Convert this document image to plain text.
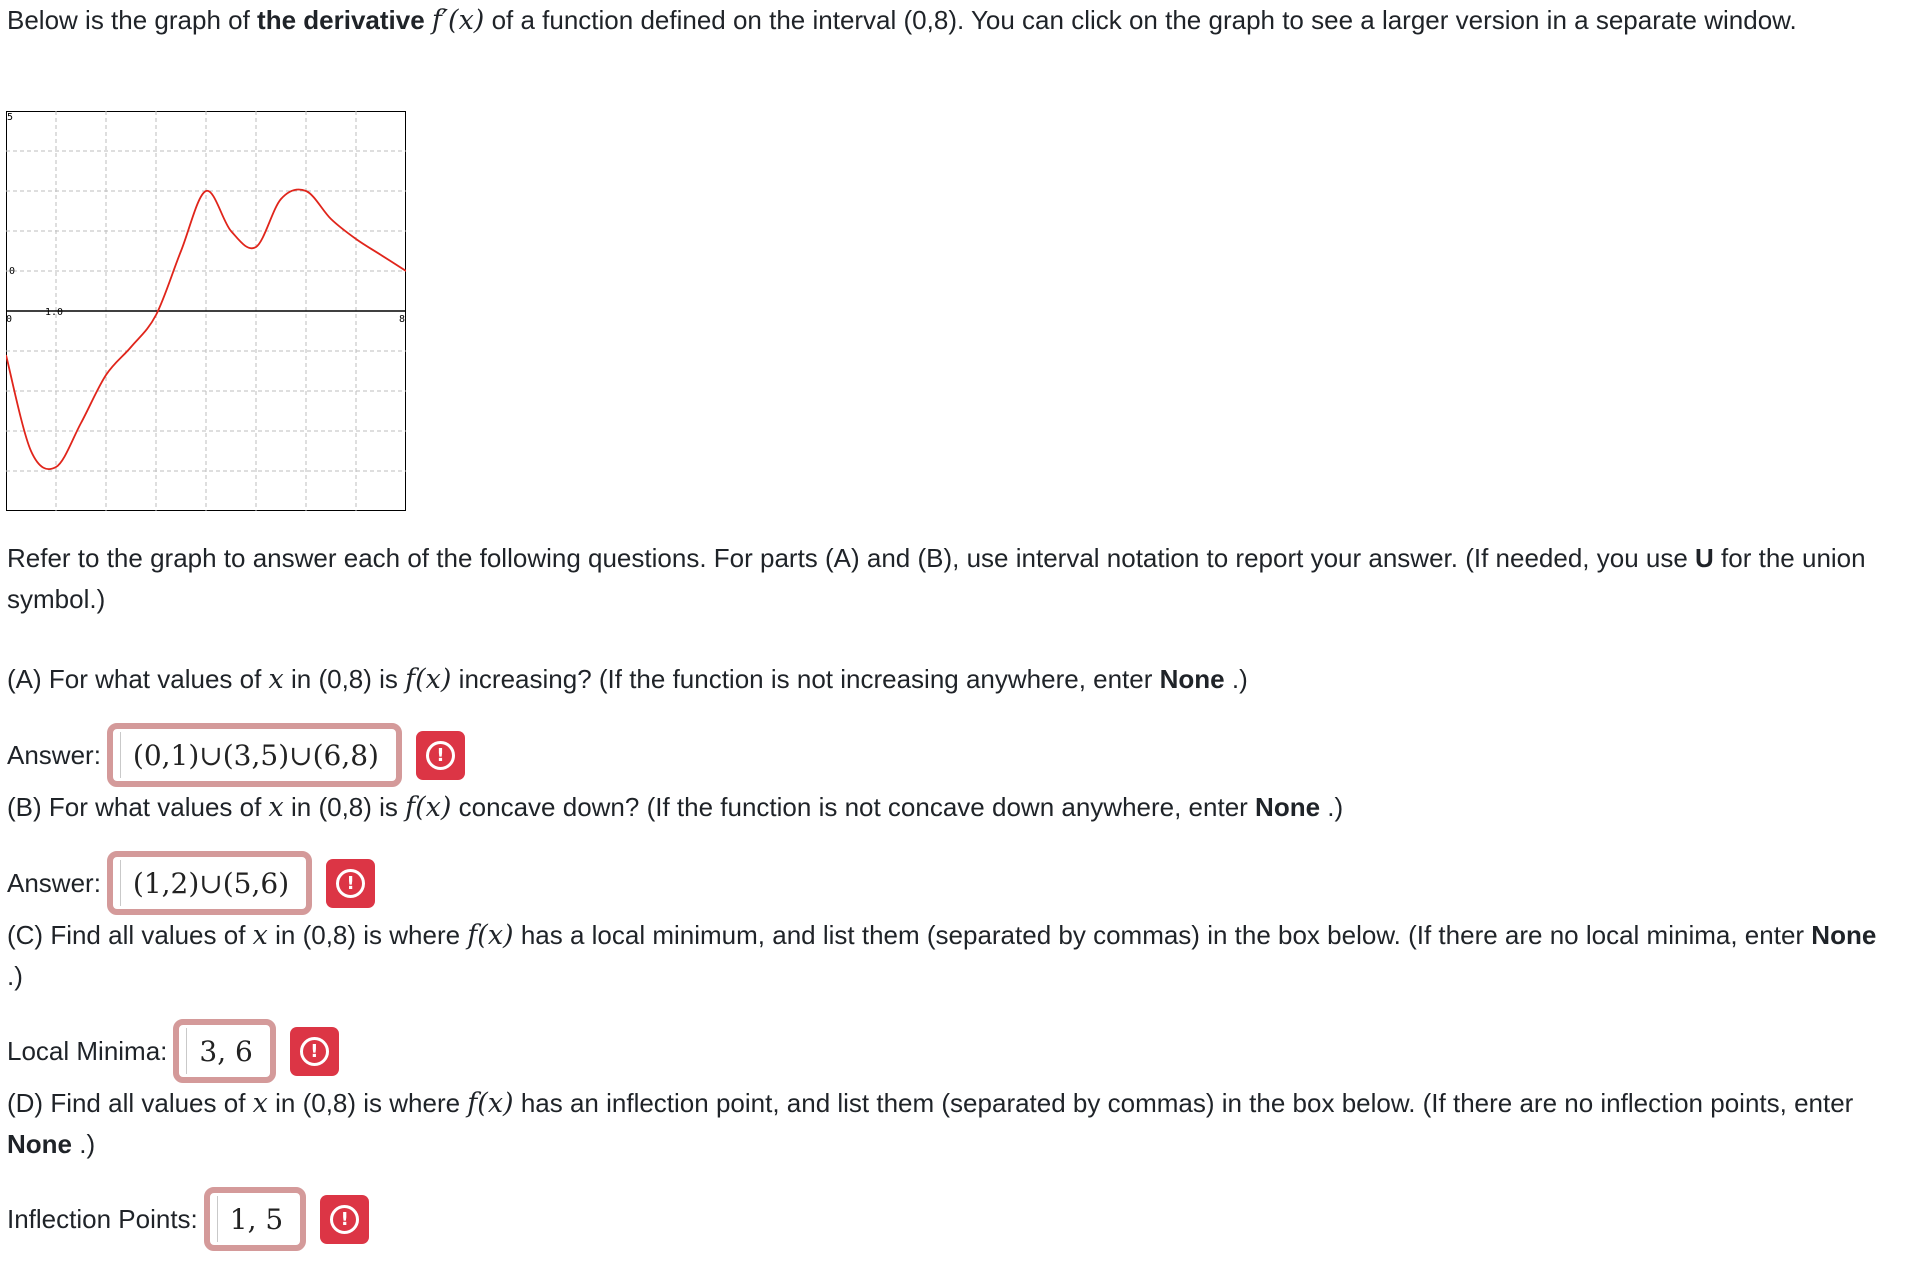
Below is the graph of the derivative f′(x) of a function defined on the interval (0,8). You can click on the graph to see a larger version in a separate window.

5
0
0
1.0
8

Refer to the graph to answer each of the following questions. For parts (A) and (B), use interval notation to report your answer. (If needed, you use U for the union symbol.)

(A) For what values of x in (0,8) is f(x) increasing? (If the function is not increasing anywhere, enter None .)

Answer:	(0,1)∪(3,5)∪(6,8)	!

(B) For what values of x in (0,8) is f(x) concave down? (If the function is not concave down anywhere, enter None .)

Answer:	(1,2)∪(5,6)	!

(C) Find all values of x in (0,8) is where f(x) has a local minimum, and list them (separated by commas) in the box below. (If there are no local minima, enter None .)

Local Minima:	3, 6	!

(D) Find all values of x in (0,8) is where f(x) has an inflection point, and list them (separated by commas) in the box below. (If there are no inflection points, enter None .)

Inflection Points:	1, 5	!
